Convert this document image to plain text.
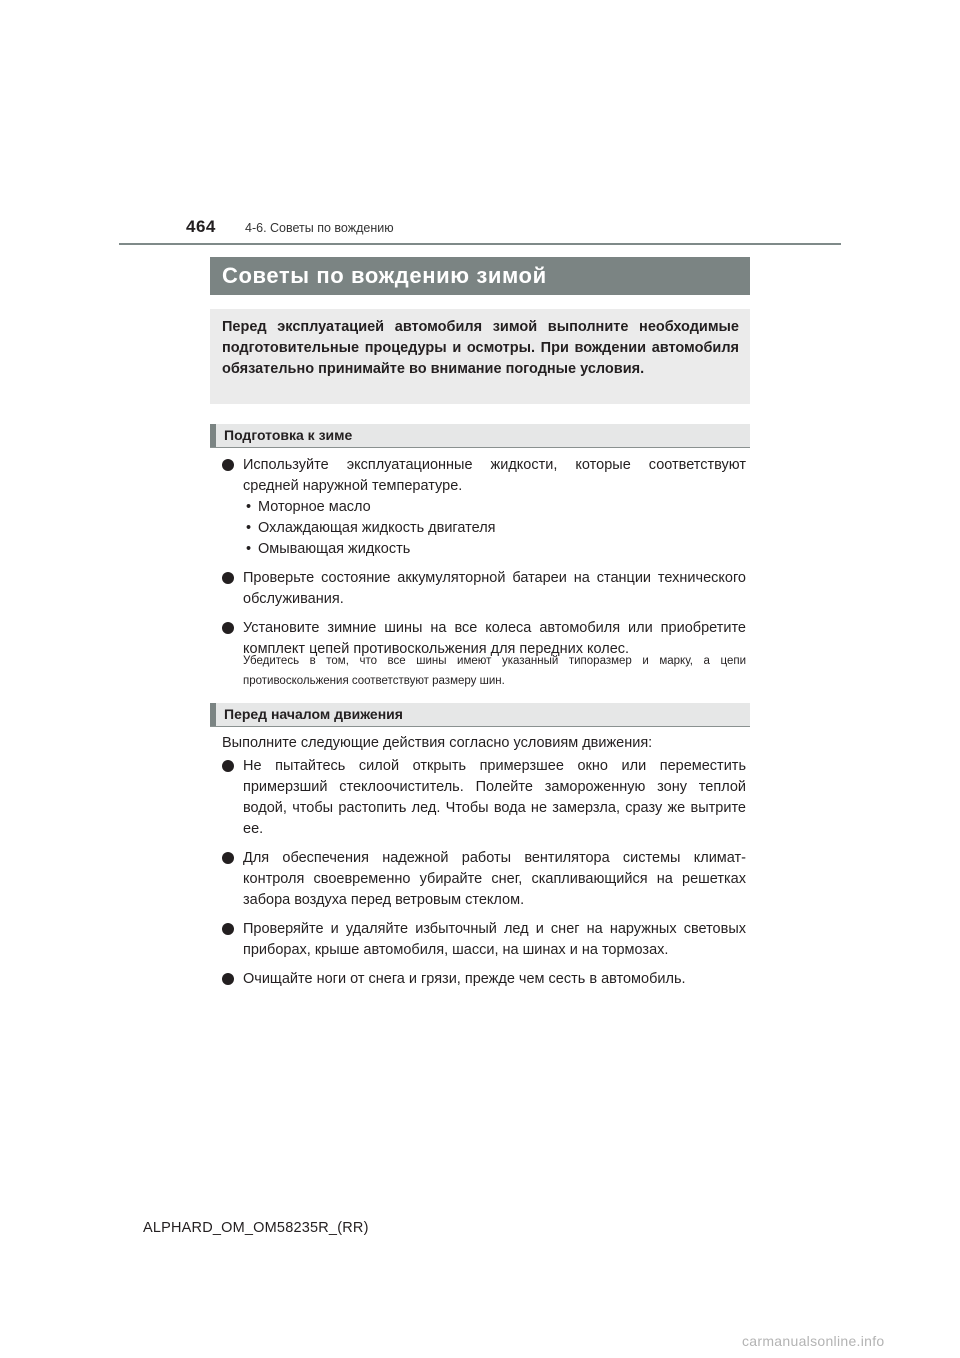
464 4-6. Советы по вождению
Советы по вождению зимой
Перед эксплуатацией автомобиля зимой выполните необходимые подготовительные процедуры и осмотры. При вождении автомобиля обязательно принимайте во внимание погодные условия.
Подготовка к зиме
Используйте эксплуатационные жидкости, которые соответствуют средней наружной температуре.
• Моторное масло
• Охлаждающая жидкость двигателя
• Омывающая жидкость
Проверьте состояние аккумуляторной батареи на станции технического обслуживания.
Установите зимние шины на все колеса автомобиля или приобретите комплект цепей противоскольжения для передних колес.
Убедитесь в том, что все шины имеют указанный типоразмер и марку, а цепи противоскольжения соответствуют размеру шин.
Перед началом движения
Выполните следующие действия согласно условиям движения:
Не пытайтесь силой открыть примерзшее окно или переместить примерзший стеклоочиститель. Полейте замороженную зону теплой водой, чтобы растопить лед. Чтобы вода не замерзла, сразу же вытрите ее.
Для обеспечения надежной работы вентилятора системы климат-контроля своевременно убирайте снег, скапливающийся на решетках забора воздуха перед ветровым стеклом.
Проверяйте и удаляйте избыточный лед и снег на наружных световых приборах, крыше автомобиля, шасси, на шинах и на тормозах.
Очищайте ноги от снега и грязи, прежде чем сесть в автомобиль.
ALPHARD_OM_OM58235R_(RR)
carmanualsonline.info
